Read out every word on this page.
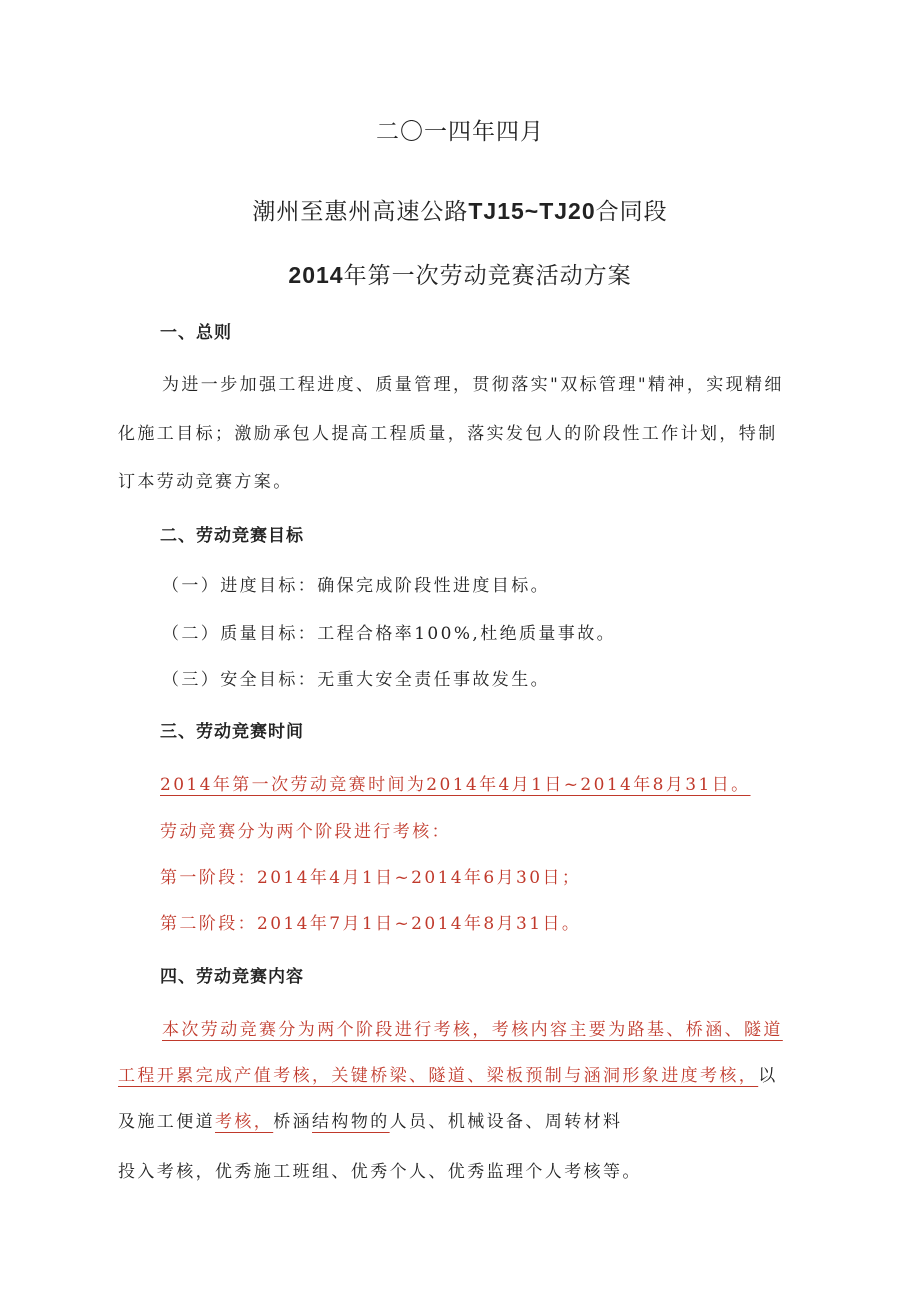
二〇一四年四月
潮州至惠州高速公路TJ15~TJ20合同段
2014年第一次劳动竞赛活动方案
一、总则
为进一步加强工程进度、质量管理，贯彻落实"双标管理"精神，实现精细
化施工目标；激励承包人提高工程质量，落实发包人的阶段性工作计划，特制
订本劳动竞赛方案。
二、劳动竞赛目标
（一）进度目标：确保完成阶段性进度目标。
（二）质量目标：工程合格率100%,杜绝质量事故。
（三）安全目标：无重大安全责任事故发生。
三、劳动竞赛时间
2014年第一次劳动竞赛时间为2014年4月1日~2014年8月31日。
劳动竞赛分为两个阶段进行考核：
第一阶段：2014年4月1日~2014年6月30日；
第二阶段：2014年7月1日~2014年8月31日。
四、劳动竞赛内容
本次劳动竞赛分为两个阶段进行考核，考核内容主要为路基、桥涵、隧道
工程开累完成产值考核，关键桥梁、隧道、梁板预制与涵洞形象进度考核，以
及施工便道考核，桥涵结构物的人员、机械设备、周转材料
投入考核，优秀施工班组、优秀个人、优秀监理个人考核等。
